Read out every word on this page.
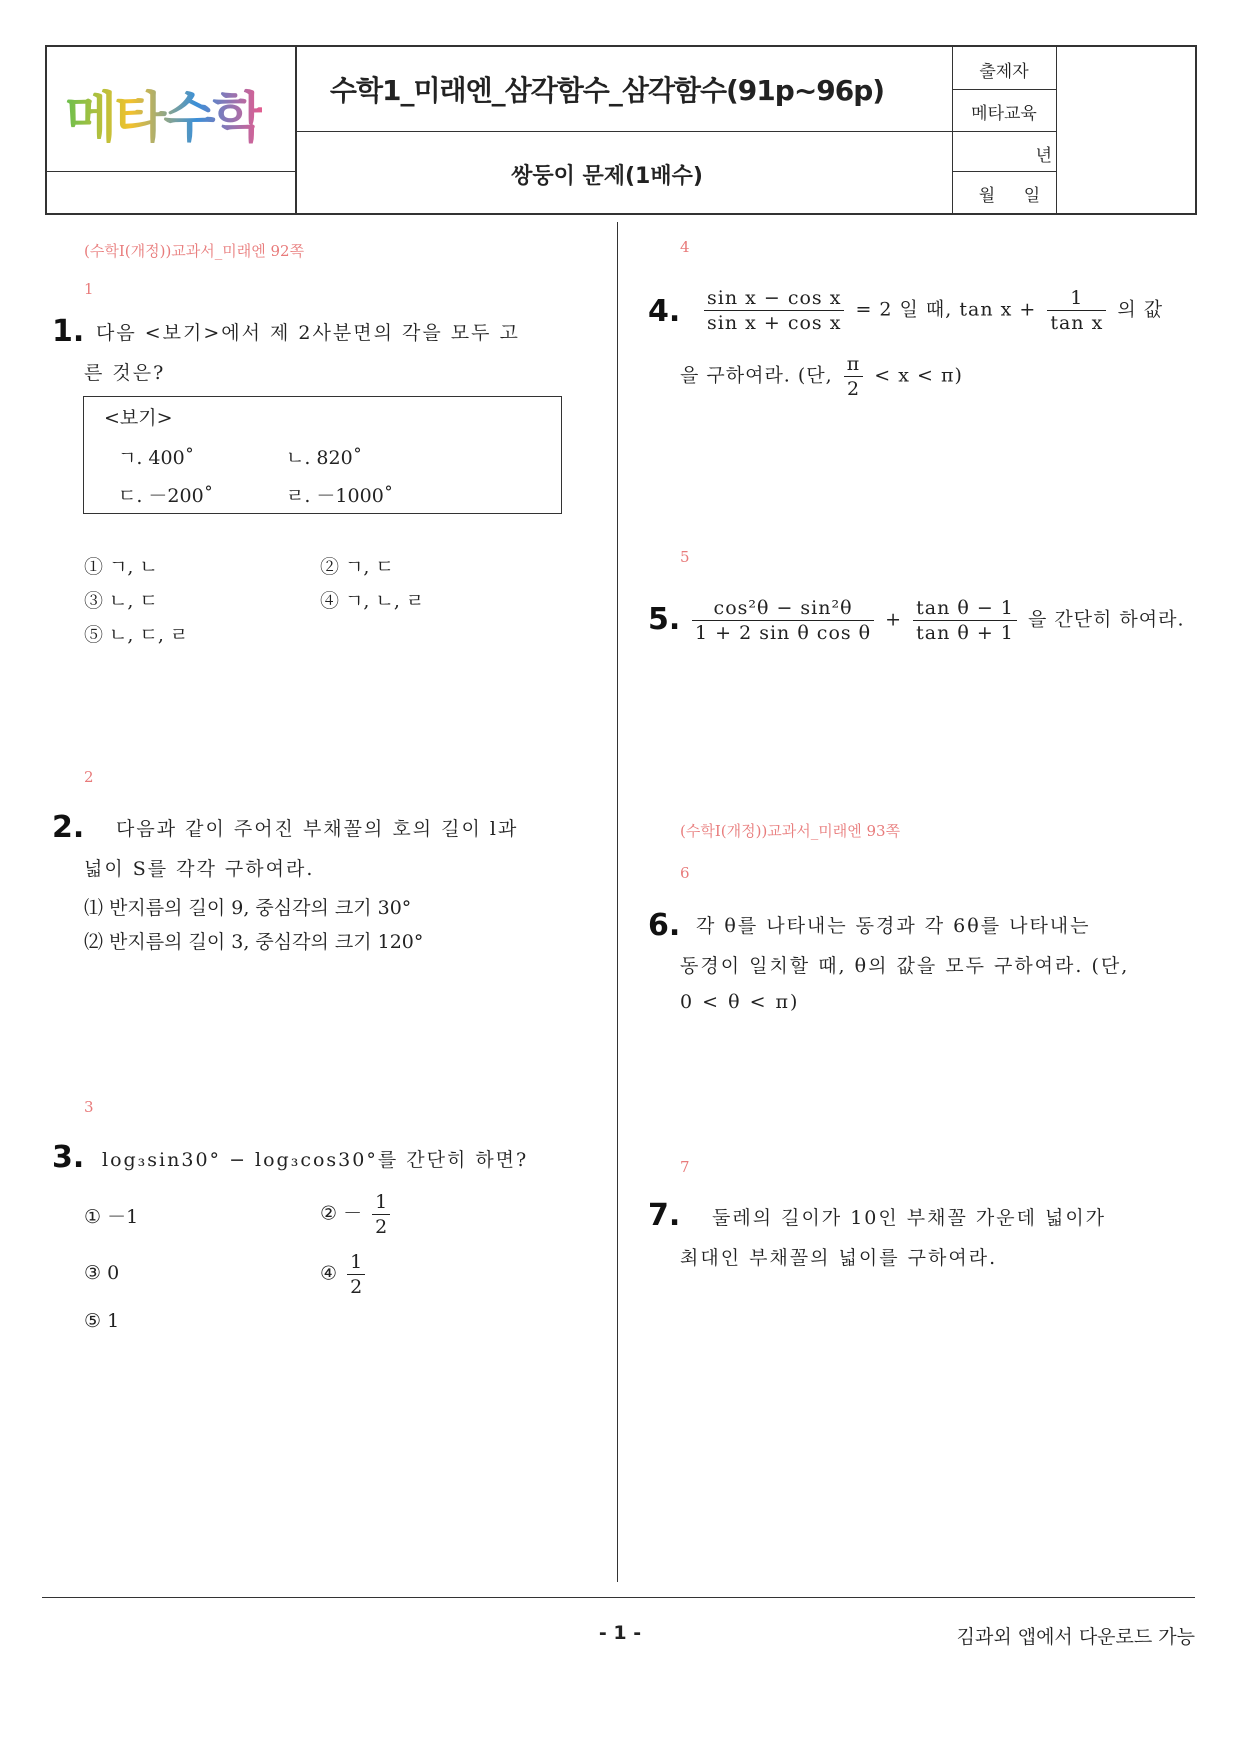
메타수학	수학1_미래엔_삼각함수_삼각함수(91p~96p)
쌍둥이 문제(1배수)
출제자
메타교육
년
월	일
(수학I(개정))교과서_미래엔 92쪽
1
1. 다음 <보기>에서 제 2사분면의 각을 모두 고
른 것은?
<보기>
ㄱ. 400˚	ㄴ. 820˚
ㄷ. －200˚	ㄹ. －1000˚
① ㄱ, ㄴ	② ㄱ, ㄷ
③ ㄴ, ㄷ	④ ㄱ, ㄴ, ㄹ
⑤ ㄴ, ㄷ, ㄹ
2
2. 다음과 같이 주어진 부채꼴의 호의 길이 l과
넓이 S를 각각 구하여라.
⑴ 반지름의 길이 9, 중심각의 크기 30°
⑵ 반지름의 길이 3, 중심각의 크기 120°
3
3. log₃sin30° − log₃cos30°를 간단히 하면?
① －1	② － $\frac{1}{2}$
③ 0	④ $\frac{1}{2}$
⑤ 1
4
4. $\frac{\text{sin x − cos x}}{\text{sin x + cos x}} = 2$ 일 때, $\tan x + \frac{1}{\text{tan x}}$ 의 값
을 구하여라. (단, $\frac{\pi}{2} < x < \pi$)
5
5. $\frac{\text{cos²θ − sin²θ}}{\text{1 + 2 sin θ cos θ}} + \frac{\text{tan θ − 1}}{\text{tan θ + 1}}$ 을 간단히 하여라.
(수학I(개정))교과서_미래엔 93쪽
6
6. 각 θ를 나타내는 동경과 각 6θ를 나타내는
동경이 일치할 때, θ의 값을 모두 구하여라. (단,
0 < θ < π)
7
7. 둘레의 길이가 10인 부채꼴 가운데 넓이가
최대인 부채꼴의 넓이를 구하여라.
- 1 -	김과외 앱에서 다운로드 가능
